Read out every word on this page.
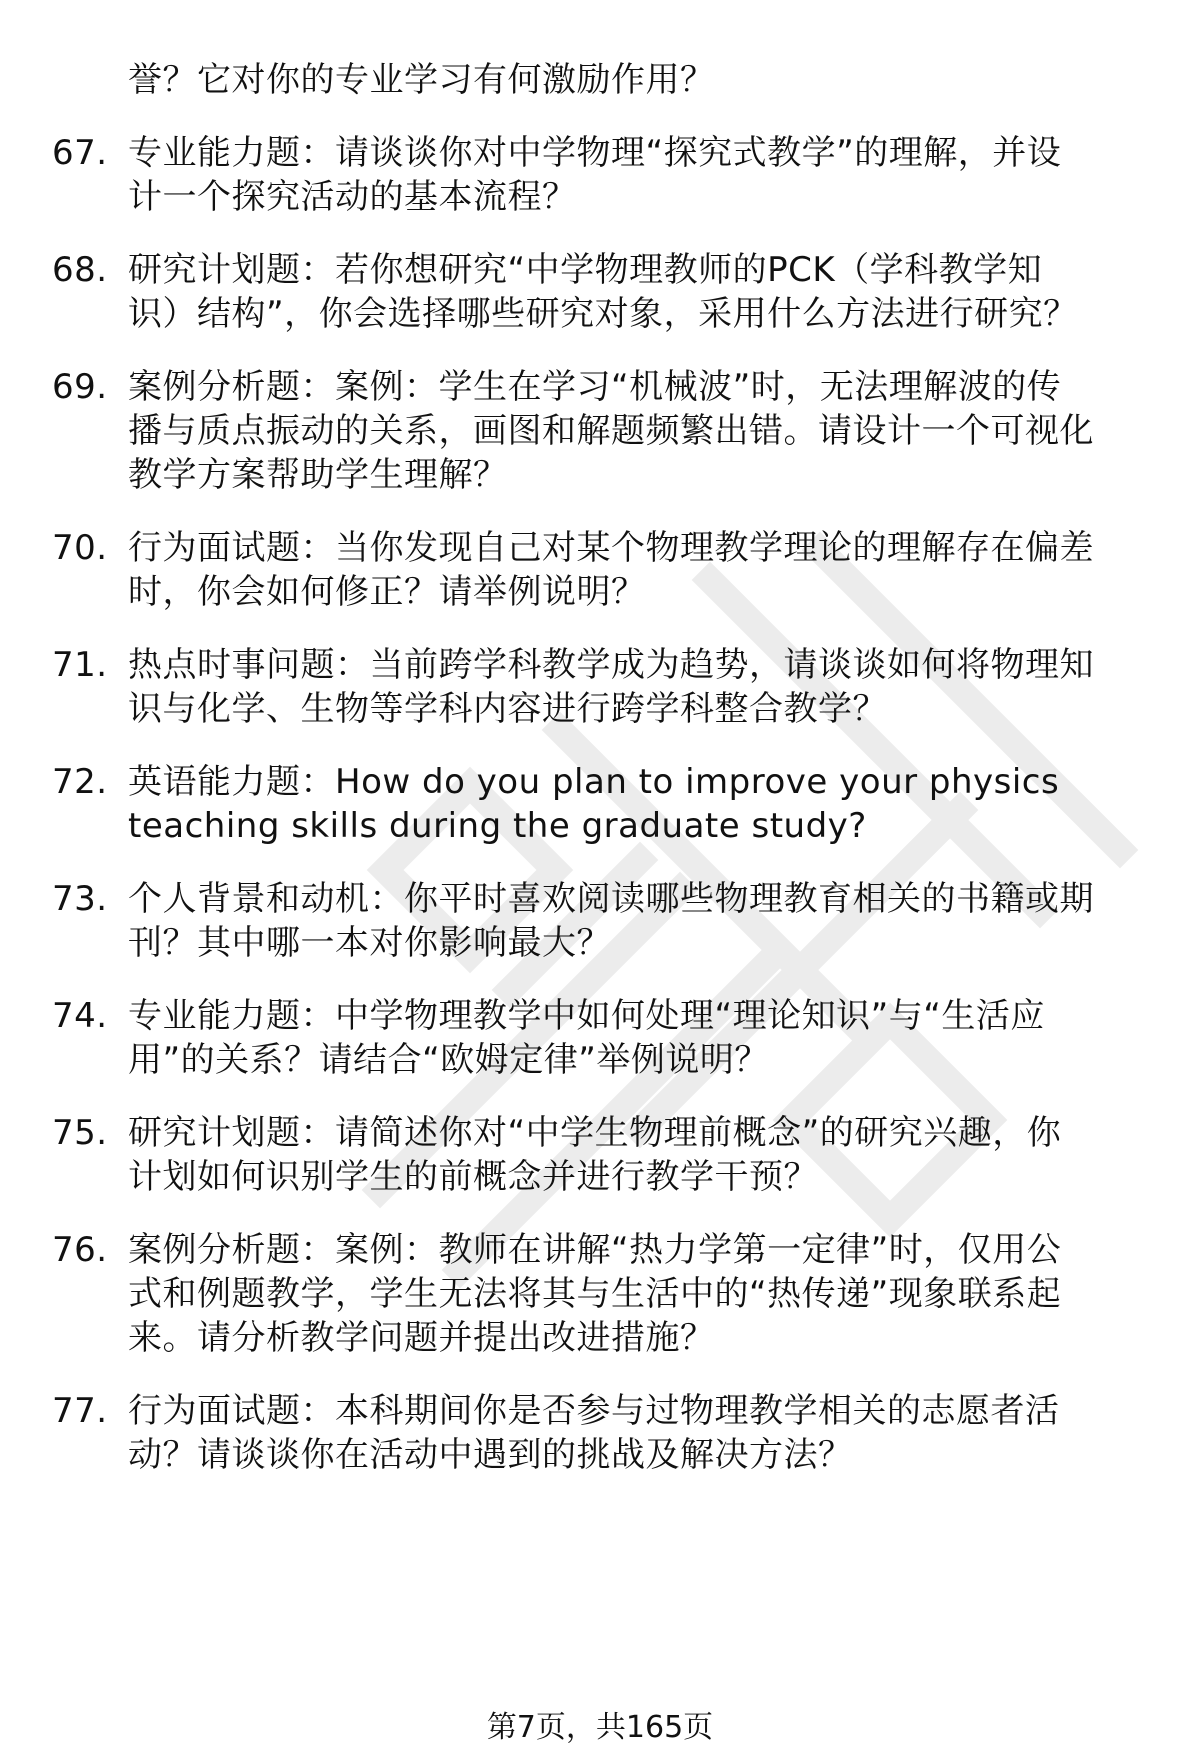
誉？它对你的专业学习有何激励作用？
67. 专业能力题：请谈谈你对中学物理“探究式教学”的理解，并设
计一个探究活动的基本流程？
68. 研究计划题：若你想研究“中学物理教师的PCK（学科教学知
识）结构”，你会选择哪些研究对象，采用什么方法进行研究？
69. 案例分析题：案例：学生在学习“机械波”时，无法理解波的传
播与质点振动的关系，画图和解题频繁出错。请设计一个可视化
教学方案帮助学生理解？
70. 行为面试题：当你发现自己对某个物理教学理论的理解存在偏差
时，你会如何修正？请举例说明？
71. 热点时事问题：当前跨学科教学成为趋势，请谈谈如何将物理知
识与化学、生物等学科内容进行跨学科整合教学？
72. 英语能力题：How do you plan to improve your physics
teaching skills during the graduate study?
73. 个人背景和动机：你平时喜欢阅读哪些物理教育相关的书籍或期
刊？其中哪一本对你影响最大？
74. 专业能力题：中学物理教学中如何处理“理论知识”与“生活应
用”的关系？请结合“欧姆定律”举例说明？
75. 研究计划题：请简述你对“中学生物理前概念”的研究兴趣，你
计划如何识别学生的前概念并进行教学干预？
76. 案例分析题：案例：教师在讲解“热力学第一定律”时，仅用公
式和例题教学，学生无法将其与生活中的“热传递”现象联系起
来。请分析教学问题并提出改进措施？
77. 行为面试题：本科期间你是否参与过物理教学相关的志愿者活
动？请谈谈你在活动中遇到的挑战及解决方法？
第7页，共165页
